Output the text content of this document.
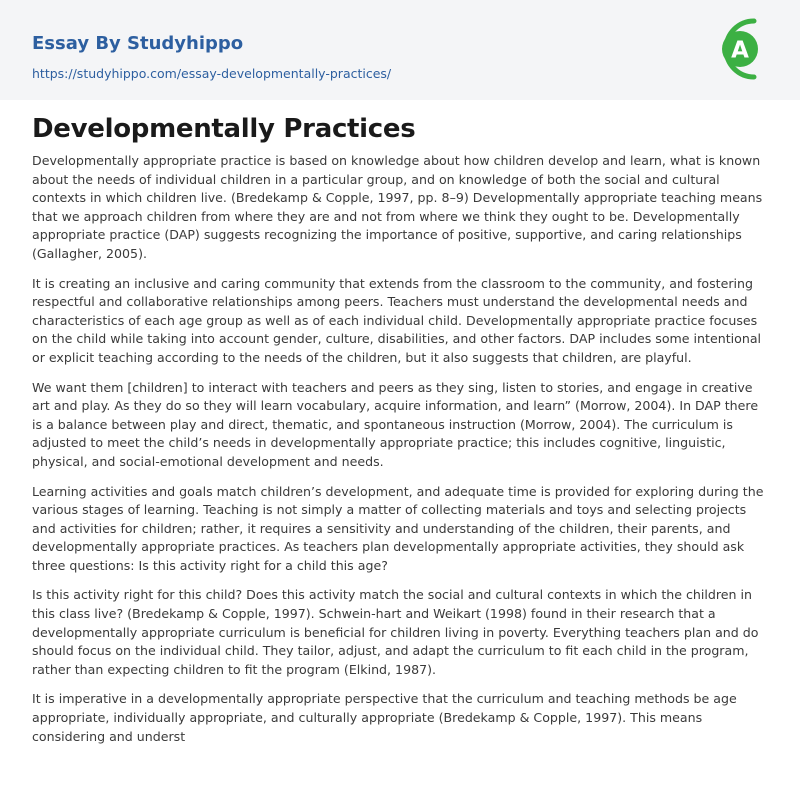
Essay By Studyhippo
https://studyhippo.com/essay-developmentally-practices/
A
Developmentally Practices

Developmentally appropriate practice is based on knowledge about how children develop and learn, what is known about the needs of individual children in a particular group, and on knowledge of both the social and cultural contexts in which children live. (Bredekamp & Copple, 1997, pp. 8–9) Developmentally appropriate teaching means that we approach children from where they are and not from where we think they ought to be. Developmentally appropriate practice (DAP) suggests recognizing the importance of positive, supportive, and caring relationships (Gallagher, 2005).

It is creating an inclusive and caring community that extends from the classroom to the community, and fostering respectful and collaborative relationships among peers. Teachers must understand the developmental needs and characteristics of each age group as well as of each individual child. Developmentally appropriate practice focuses on the child while taking into account gender, culture, disabilities, and other factors. DAP includes some intentional or explicit teaching according to the needs of the children, but it also suggests that children, are playful.

We want them [children] to interact with teachers and peers as they sing, listen to stories, and engage in creative art and play. As they do so they will learn vocabulary, acquire information, and learn” (Morrow, 2004). In DAP there is a balance between play and direct, thematic, and spontaneous instruction (Morrow, 2004). The curriculum is adjusted to meet the child’s needs in developmentally appropriate practice; this includes cognitive, linguistic, physical, and social-emotional development and needs.

Learning activities and goals match children’s development, and adequate time is provided for exploring during the various stages of learning. Teaching is not simply a matter of collecting materials and toys and selecting projects and activities for children; rather, it requires a sensitivity and understanding of the children, their parents, and developmentally appropriate practices. As teachers plan developmentally appropriate activities, they should ask three questions: Is this activity right for a child this age?

Is this activity right for this child? Does this activity match the social and cultural contexts in which the children in this class live? (Bredekamp & Copple, 1997). Schwein-hart and Weikart (1998) found in their research that a developmentally appropriate curriculum is beneficial for children living in poverty. Everything teachers plan and do should focus on the individual child. They tailor, adjust, and adapt the curriculum to fit each child in the program, rather than expecting children to fit the program (Elkind, 1987).

It is imperative in a developmentally appropriate perspective that the curriculum and teaching methods be age appropriate, individually appropriate, and culturally appropriate (Bredekamp & Copple, 1997). This means considering and underst
